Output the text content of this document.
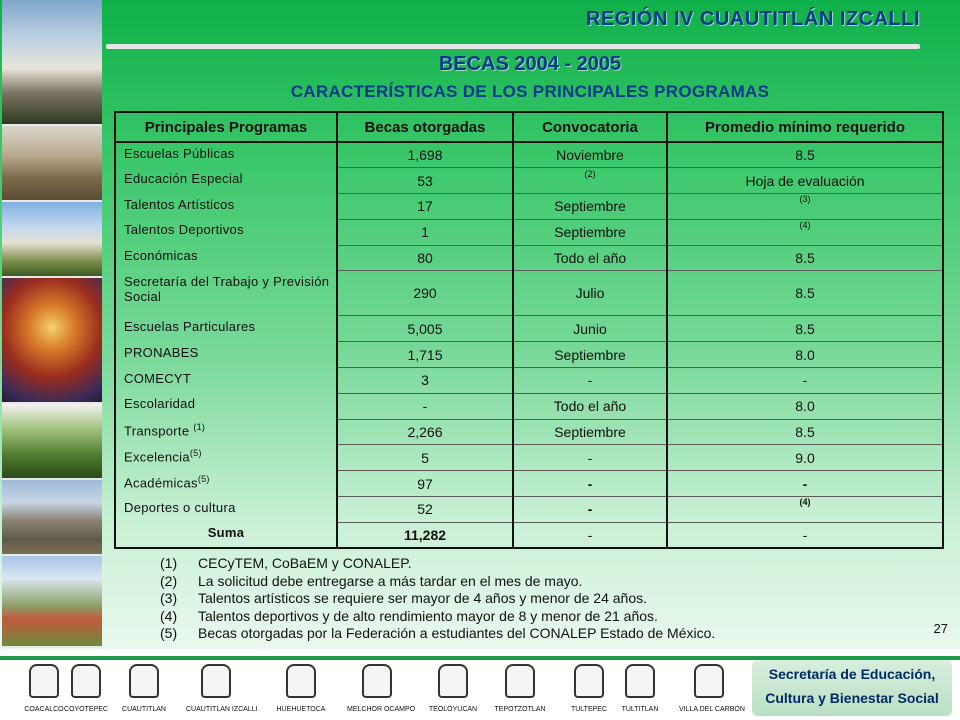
REGIÓN IV CUAUTITLÁN IZCALLI
BECAS 2004 - 2005
CARACTERÍSTICAS DE LOS PRINCIPALES PROGRAMAS
Principales Programas	Becas otorgadas	Convocatoria	Promedio mínimo requerido
Escuelas Públicas	1,698	Noviembre	8.5
Educación Especial	53	(2)	Hoja de evaluación
Talentos Artísticos	17	Septiembre	(3)

Talentos Deportivos	1	Septiembre	(4)

Económicas	80	Todo el año	8.5
Secretaría del Trabajo y Previsión Social	290	Julio	8.5
Escuelas Particulares	5,005	Junio	8.5
PRONABES	1,715	Septiembre	8.0
COMECYT	3	-	-
Escolaridad	-	Todo el año	8.0
Transporte $^{(1)}$	2,266	Septiembre	8.5
Excelencia$^{(5)}$	5	-	9.0
Académicas$^{(5)}$	97	-	-
Deportes o cultura	52	-	(4)

Suma	11,282	-	-
(1) CECyTEM, CoBaEM y CONALEP.
(2) La solicitud debe entregarse a más tardar en el mes de mayo.
(3) Talentos artísticos se requiere ser mayor de 4 años y menor de 24 años.
(4) Talentos deportivos y de alto rendimiento mayor de 8 y menor de 21 años.
(5) Becas otorgadas por la Federación a estudiantes del CONALEP Estado de México.	27
COACALCO COYOTEPEC	CUAUTITLAN	CUAUTITLAN IZCALLI	HUEHUETOCA	MELCHOR OCAMPO	TEOLOYUCAN	TEPOTZOTLAN	TULTEPEC	TULTITLAN	VILLA DEL CARBON
Secretaría de Educación,
Cultura y Bienestar Social
